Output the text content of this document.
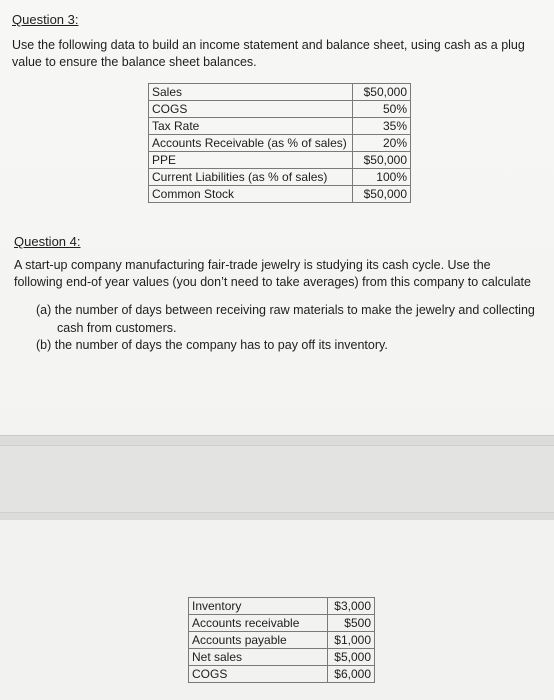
Question 3:
Use the following data to build an income statement and balance sheet, using cash as a plug
value to ensure the balance sheet balances.
Sales	$50,000
COGS	50%
Tax Rate	35%
Accounts Receivable (as % of sales)	20%
PPE	$50,000
Current Liabilities (as % of sales)	100%
Common Stock	$50,000
Question 4:
A start-up company manufacturing fair-trade jewelry is studying its cash cycle. Use the
following end-of year values (you don’t need to take averages) from this company to calculate
(a) the number of days between receiving raw materials to make the jewelry and collecting
cash from customers.
(b) the number of days the company has to pay off its inventory.
Inventory	$3,000
Accounts receivable	$500
Accounts payable	$1,000
Net sales	$5,000
COGS	$6,000
